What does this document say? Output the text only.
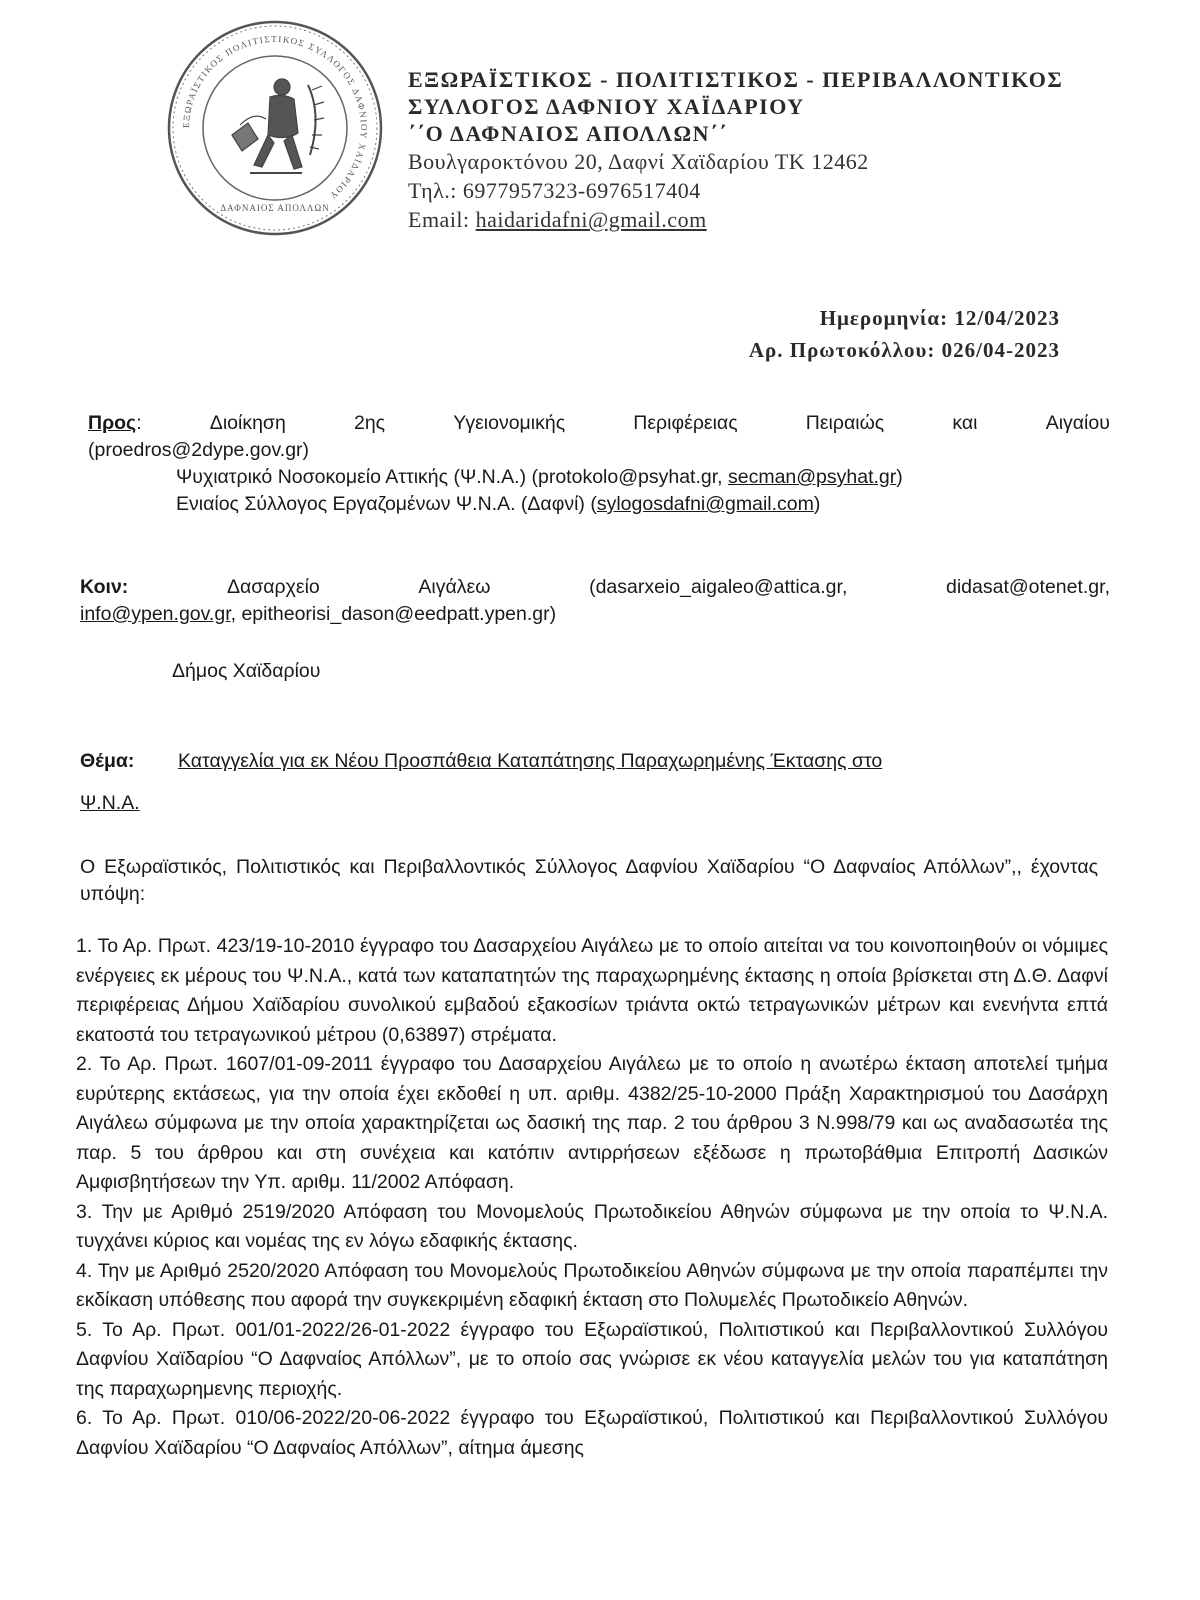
ΕΞΩΡΑΪΣΤΙΚΟΣ ΠΟΛΙΤΙΣΤΙΚΟΣ ΣΥΛΛΟΓΟΣ ΔΑΦΝΙΟΥ ΧΑΪΔΑΡΙΟΥ
ΔΑΦΝΑΙΟΣ ΑΠΟΛΛΩΝ
ΕΞΩΡΑΪΣΤΙΚΟΣ - ΠΟΛΙΤΙΣΤΙΚΟΣ - ΠΕΡΙΒΑΛΛΟΝΤΙΚΟΣ
ΣΥΛΛΟΓΟΣ ΔΑΦΝΙΟΥ ΧΑΪΔΑΡΙΟΥ
΄΄Ο ΔΑΦΝΑΙΟΣ ΑΠΟΛΛΩΝ΄΄
Βουλγαροκτόνου 20, Δαφνί Χαϊδαρίου ΤΚ 12462
Τηλ.: 6977957323-6976517404
Email: haidaridafni@gmail.com
Ημερομηνία: 12/04/2023
Αρ. Πρωτοκόλλου: 026/04-2023
Προς:	Διοίκηση	2ης	Υγειονομικής	Περιφέρειας	Πειραιώς	και	Αιγαίου
(proedros@2dype.gov.gr)
Ψυχιατρικό Νοσοκομείο Αττικής (Ψ.Ν.Α.) (protokolo@psyhat.gr, secman@psyhat.gr)
Ενιαίος Σύλλογος Εργαζομένων Ψ.Ν.Α. (Δαφνί) (sylogosdafni@gmail.com)
Κοιν:	Δασαρχείο	Αιγάλεω	(dasarxeio_aigaleo@attica.gr,	didasat@otenet.gr,
info@ypen.gov.gr, epitheorisi_dason@eedpatt.ypen.gr)
Δήμος Χαϊδαρίου
Θέμα:	Καταγγελία για εκ Νέου Προσπάθεια Καταπάτησης Παραχωρημένης Έκτασης στο
Ψ.Ν.Α.
Ο Εξωραϊστικός, Πολιτιστικός και Περιβαλλοντικός Σύλλογος Δαφνίου Χαϊδαρίου “Ο Δαφναίος Απόλλων”,, έχοντας υπόψη:

1. Το Αρ. Πρωτ. 423/19-10-2010 έγγραφο του Δασαρχείου Αιγάλεω με το οποίο αιτείται να του κοινοποιηθούν οι νόμιμες ενέργειες εκ μέρους του Ψ.Ν.Α., κατά των καταπατητών της παραχωρημένης έκτασης η οποία βρίσκεται στη Δ.Θ. Δαφνί περιφέρειας Δήμου Χαϊδαρίου συνολικού εμβαδού εξακοσίων τριάντα οκτώ τετραγωνικών μέτρων και ενενήντα επτά εκατοστά του τετραγωνικού μέτρου (0,63897) στρέματα.

2. Το Αρ. Πρωτ. 1607/01-09-2011 έγγραφο του Δασαρχείου Αιγάλεω με το οποίο η ανωτέρω έκταση αποτελεί τμήμα ευρύτερης εκτάσεως, για την οποία έχει εκδοθεί η υπ. αριθμ. 4382/25-10-2000 Πράξη Χαρακτηρισμού του Δασάρχη Αιγάλεω σύμφωνα με την οποία χαρακτηρίζεται ως δασική της παρ. 2 του άρθρου 3 Ν.998/79 και ως αναδασωτέα της παρ. 5 του άρθρου και στη συνέχεια και κατόπιν αντιρρήσεων εξέδωσε η πρωτοβάθμια Επιτροπή Δασικών Αμφισβητήσεων την Υπ. αριθμ. 11/2002 Απόφαση.

3. Την με Αριθμό 2519/2020 Απόφαση του Μονομελούς Πρωτοδικείου Αθηνών σύμφωνα με την οποία το Ψ.Ν.Α. τυγχάνει κύριος και νομέας της εν λόγω εδαφικής έκτασης.

4. Την με Αριθμό 2520/2020 Απόφαση του Μονομελούς Πρωτοδικείου Αθηνών σύμφωνα με την οποία παραπέμπει την εκδίκαση υπόθεσης που αφορά την συγκεκριμένη εδαφική έκταση στο Πολυμελές Πρωτοδικείο Αθηνών.

5. Το Αρ. Πρωτ. 001/01-2022/26-01-2022 έγγραφο του Εξωραϊστικού, Πολιτιστικού και Περιβαλλοντικού Συλλόγου Δαφνίου Χαϊδαρίου “Ο Δαφναίος Απόλλων”, με το οποίο σας γνώρισε εκ νέου καταγγελία μελών του για καταπάτηση της παραχωρημενης περιοχής.

6. Το Αρ. Πρωτ. 010/06-2022/20-06-2022 έγγραφο του Εξωραϊστικού, Πολιτιστικού και Περιβαλλοντικού Συλλόγου Δαφνίου Χαϊδαρίου “Ο Δαφναίος Απόλλων”, αίτημα άμεσης
